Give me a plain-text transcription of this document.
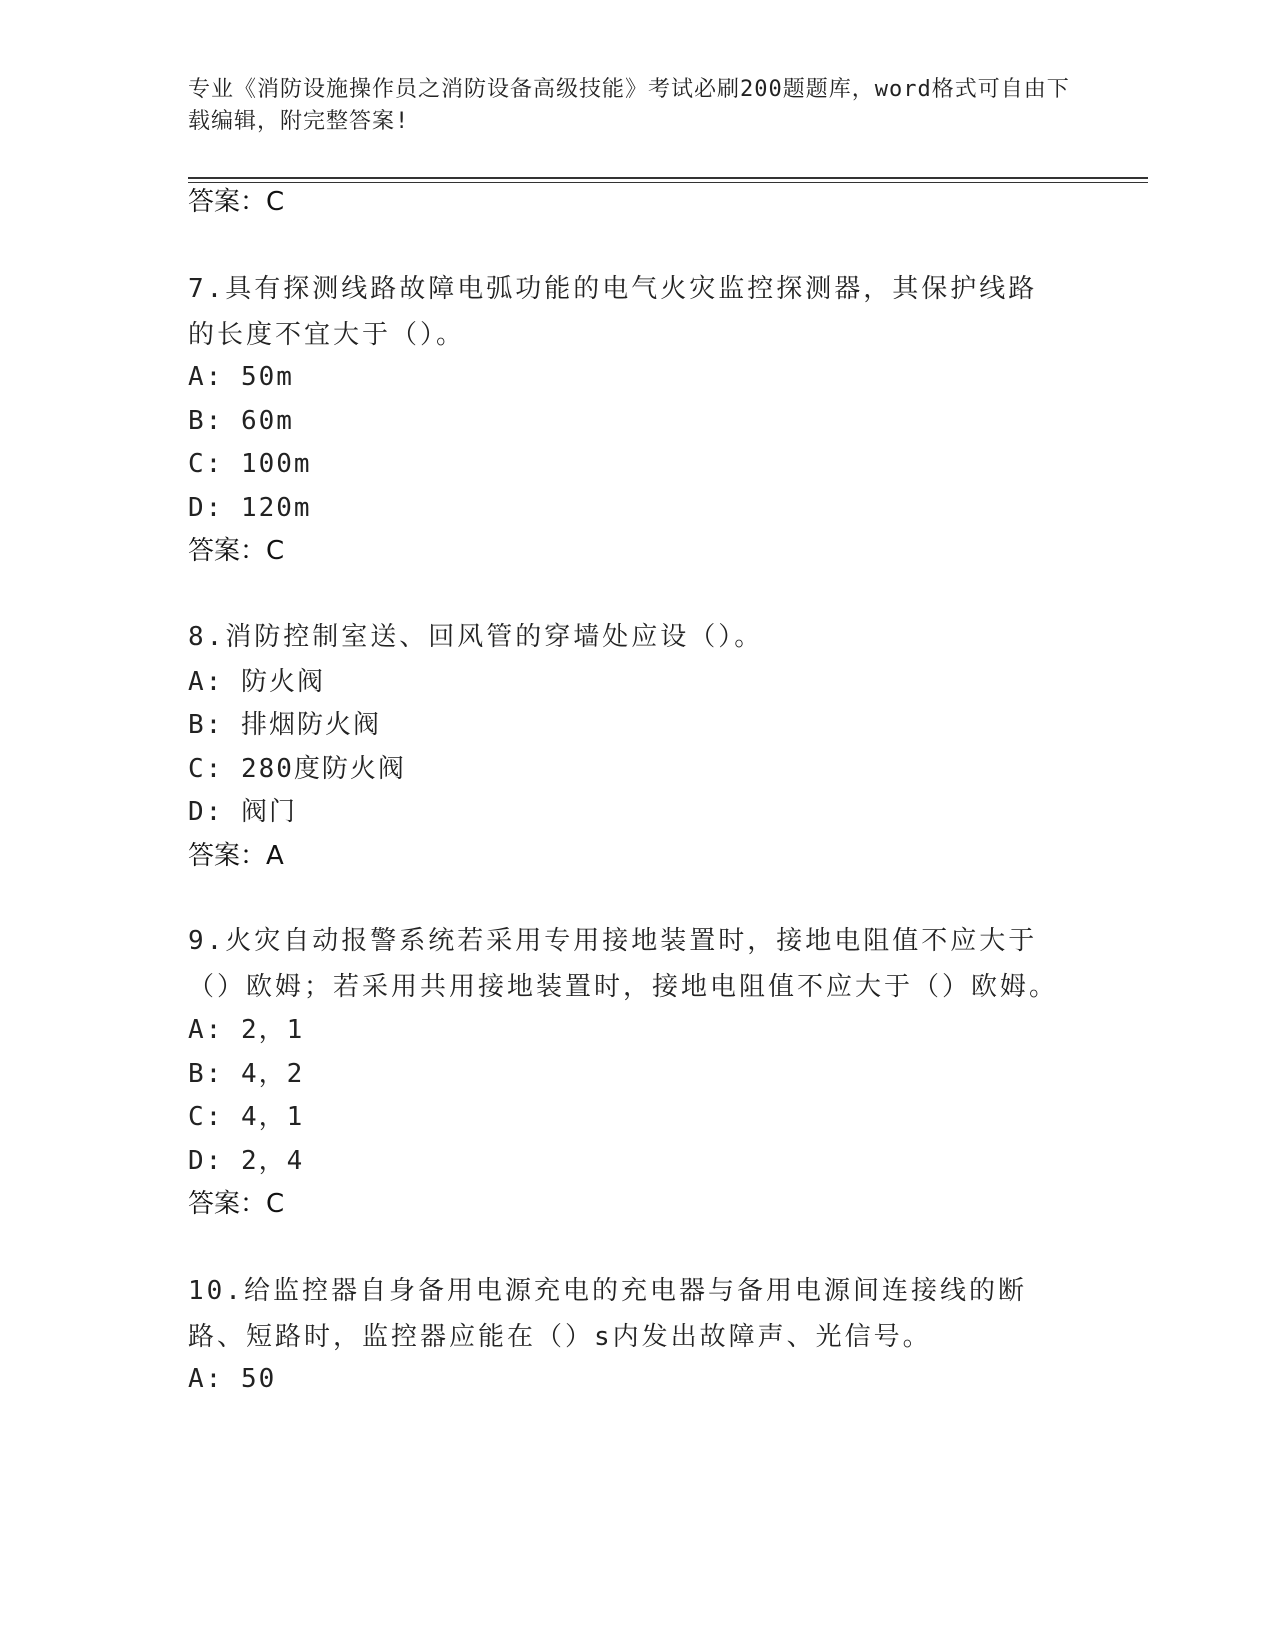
专业《消防设施操作员之消防设备高级技能》考试必刷200题题库，word格式可自由下载编辑，附完整答案!
答案：C
7.具有探测线路故障电弧功能的电气火灾监控探测器，其保护线路的长度不宜大于（）。
A: 50m
B: 60m
C: 100m
D: 120m
答案：C
8.消防控制室送、回风管的穿墙处应设（）。
A: 防火阀
B: 排烟防火阀
C: 280度防火阀
D: 阀门
答案：A
9.火灾自动报警系统若采用专用接地装置时，接地电阻值不应大于（）欧姆；若采用共用接地装置时，接地电阻值不应大于（）欧姆。
A: 2，1
B: 4，2
C: 4，1
D: 2，4
答案：C
10.给监控器自身备用电源充电的充电器与备用电源间连接线的断路、短路时，监控器应能在（）s内发出故障声、光信号。
A: 50
